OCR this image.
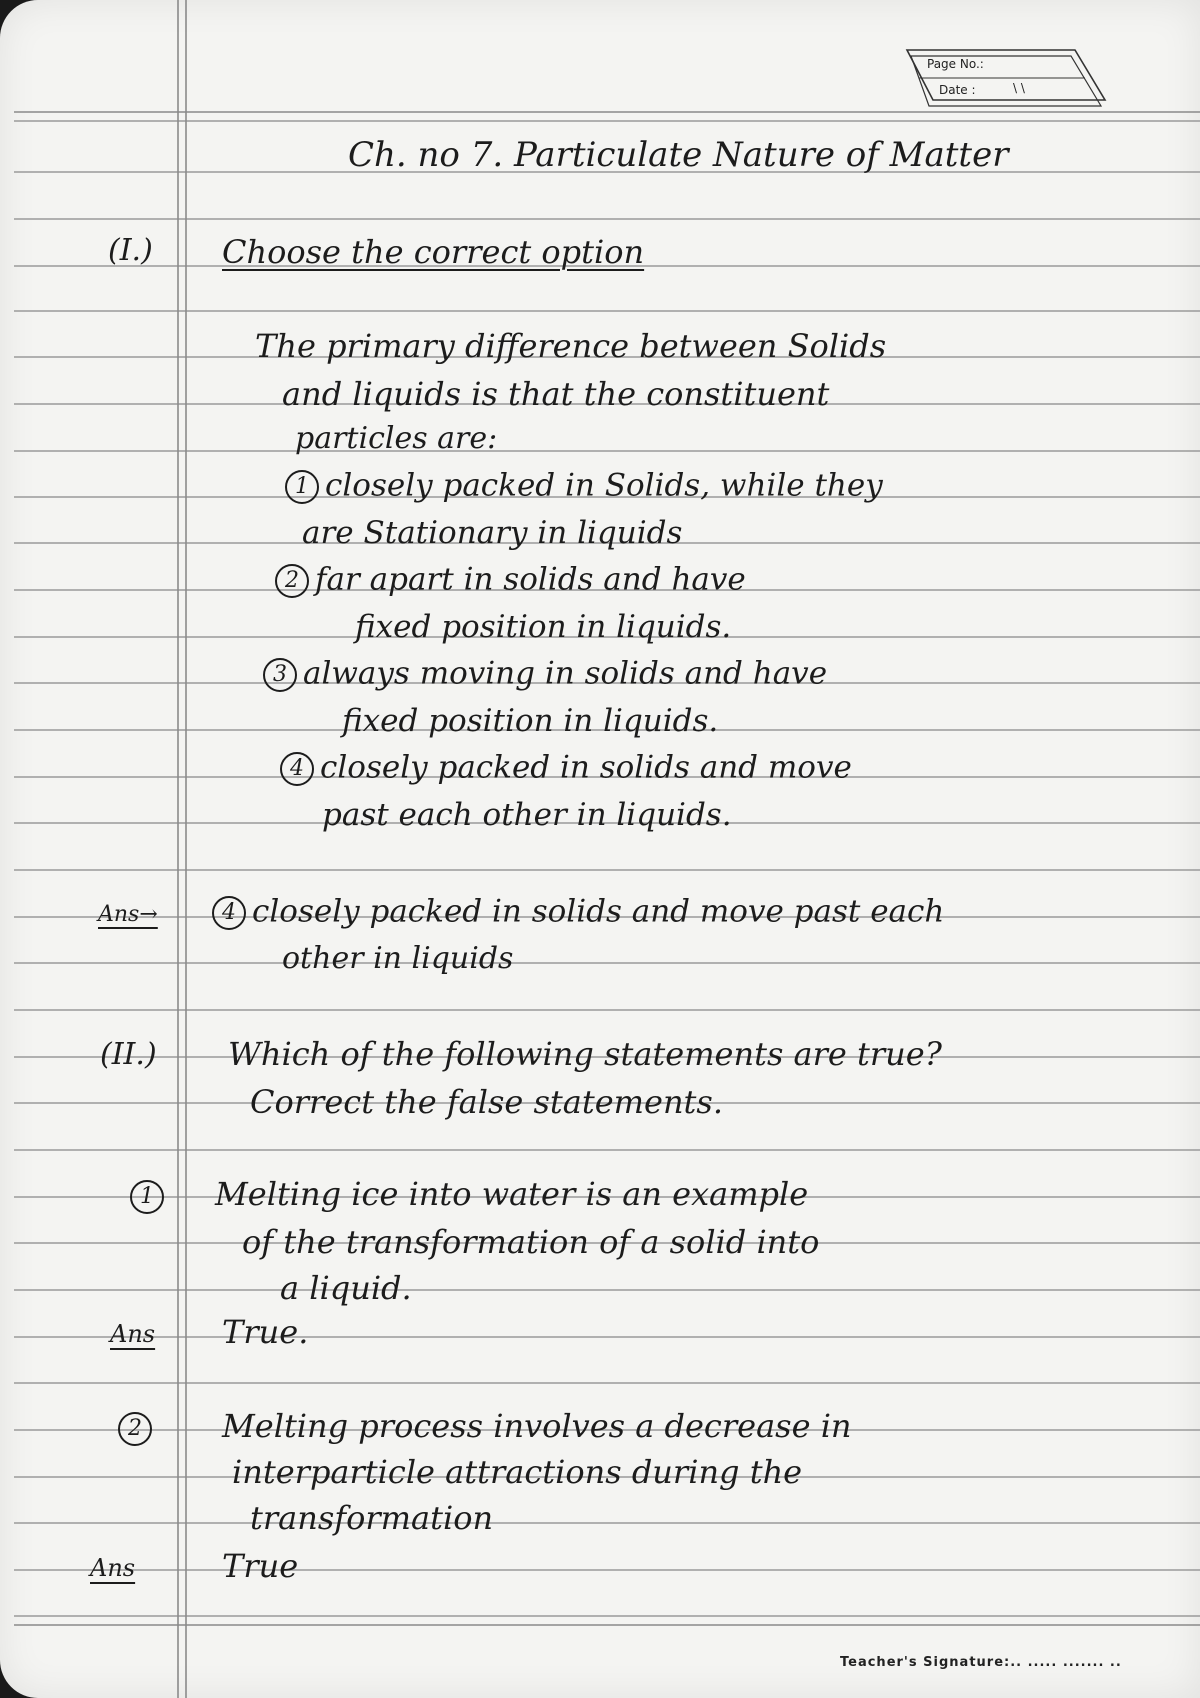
Page No.:
Date :	\ \
Ch. no 7. Particulate Nature of Matter
(I.) Choose the correct option
The primary difference between Solids
and liquids is that the constituent
particles are:
1 closely packed in Solids, while they
are Stationary in liquids
2 far apart in solids and have
fixed position in liquids.
3 always moving in solids and have
fixed position in liquids.
4 closely packed in solids and move
past each other in liquids.
Ans→	4 closely packed in solids and move past each
other in liquids
(II.) Which of the following statements are true?
Correct the false statements.
1	Melting ice into water is an example
of the transformation of a solid into
a liquid.
Ans True.
2	Melting process involves a decrease in
interparticle attractions during the
transformation
Ans	True
Teacher's Signature:.. ..... ....... ..
